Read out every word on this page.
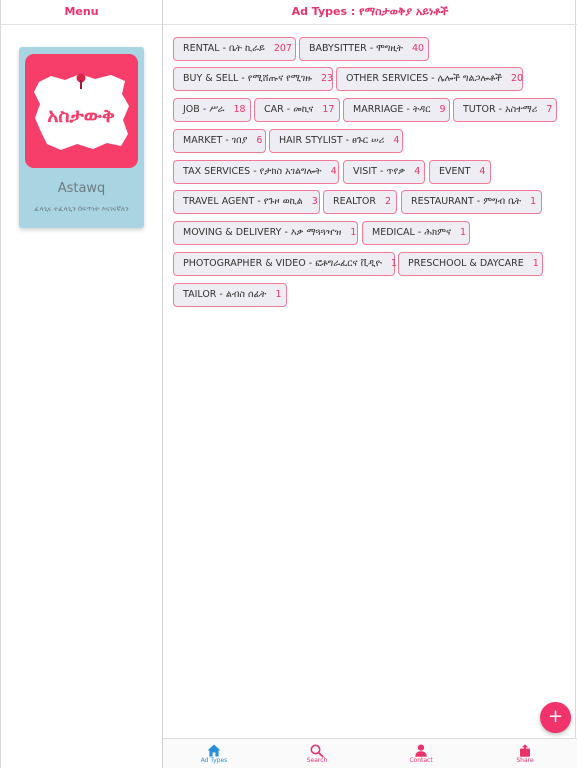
Menu
አስታውቅ
Astawq
ፈላጊና ተፈላጊን በፍጥነት እናገናኛለን
Ad Types : የማስታወቅያ አይነቶች
RENTAL - ቤት ኪራይ 207	BABYSITTER - ሞግዚት 40
BUY & SELL - የሚሸጡና የሚገዙ 23	OTHER SERVICES - ሌሎች ግልጋሎቶች 20
JOB - ሥራ 18	CAR - መኪና 17	MARRIAGE - ትዳር 9	TUTOR - አስተማሪ 7
MARKET - ገበያ 6	HAIR STYLIST - ፀጉር ሠሪ 4
TAX SERVICES - የታክስ አገልግሎት 4	VISIT - ጥየቃ 4	EVENT 4
TRAVEL AGENT - የጉዞ ወኪል 3	REALTOR 2	RESTAURANT - ምግብ ቤት 1
MOVING & DELIVERY - እቃ ማጓጓዣዝ 1	MEDICAL - ሕክምና 1
PHOTOGRAPHER & VIDEO - ፎቶግራፈርና ቪዲዮ 1	PRESCHOOL & DAYCARE 1
TAILOR - ልብስ ሰፊት 1
+
Ad Types	Search	Contact	Share
